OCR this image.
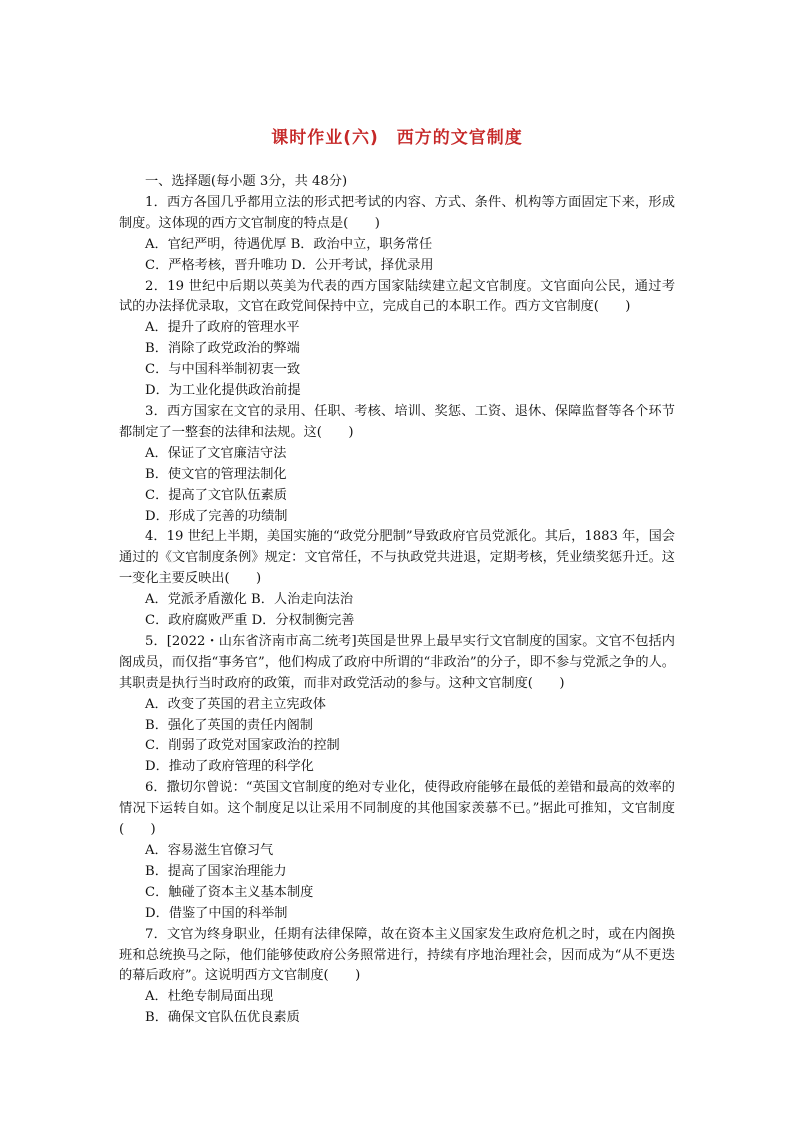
课时作业(六) 西方的文官制度
一、选择题(每小题 3分，共 48分)
1．西方各国几乎都用立法的形式把考试的内容、方式、条件、机构等方面固定下来，形成制度。这体现的西方文官制度的特点是(　　)
A．官纪严明，待遇优厚 B．政治中立，职务常任
C．严格考核，晋升唯功 D．公开考试，择优录用
2．19 世纪中后期以英美为代表的西方国家陆续建立起文官制度。文官面向公民，通过考试的办法择优录取，文官在政党间保持中立，完成自己的本职工作。西方文官制度(　　)
A．提升了政府的管理水平
B．消除了政党政治的弊端
C．与中国科举制初衷一致
D．为工业化提供政治前提
3．西方国家在文官的录用、任职、考核、培训、奖惩、工资、退休、保障监督等各个环节都制定了一整套的法律和法规。这(　　)
A．保证了文官廉洁守法
B．使文官的管理法制化
C．提高了文官队伍素质
D．形成了完善的功绩制
4．19 世纪上半期，美国实施的“政党分肥制”导致政府官员党派化。其后，1883 年，国会通过的《文官制度条例》规定：文官常任，不与执政党共进退，定期考核，凭业绩奖惩升迁。这一变化主要反映出(　　)
A．党派矛盾激化 B．人治走向法治
C．政府腐败严重 D．分权制衡完善
5．[2022・山东省济南市高二统考]英国是世界上最早实行文官制度的国家。文官不包括内阁成员，而仅指“事务官”，他们构成了政府中所谓的“非政治”的分子，即不参与党派之争的人。其职责是执行当时政府的政策，而非对政党活动的参与。这种文官制度(　　)
A．改变了英国的君主立宪政体
B．强化了英国的责任内阁制
C．削弱了政党对国家政治的控制
D．推动了政府管理的科学化
6．撒切尔曾说：“英国文官制度的绝对专业化，使得政府能够在最低的差错和最高的效率的情况下运转自如。这个制度足以让采用不同制度的其他国家羡慕不已。”据此可推知，文官制度(　　)
A．容易滋生官僚习气
B．提高了国家治理能力
C．触碰了资本主义基本制度
D．借鉴了中国的科举制
7．文官为终身职业，任期有法律保障，故在资本主义国家发生政府危机之时，或在内阁换班和总统换马之际，他们能够使政府公务照常进行，持续有序地治理社会，因而成为“从不更迭的幕后政府”。这说明西方文官制度(　　)
A．杜绝专制局面出现
B．确保文官队伍优良素质
